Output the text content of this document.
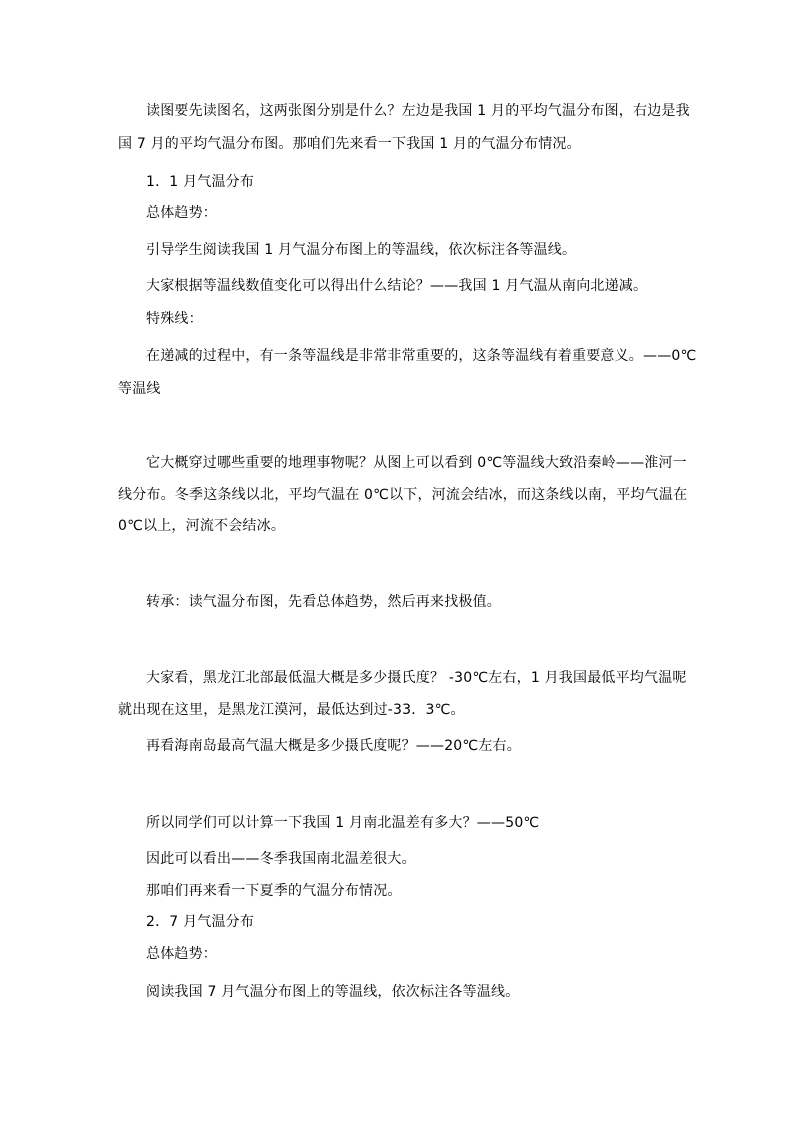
读图要先读图名，这两张图分别是什么？左边是我国 1 月的平均气温分布图，右边是我
国 7 月的平均气温分布图。那咱们先来看一下我国 1 月的气温分布情况。
1．1 月气温分布
总体趋势：
引导学生阅读我国 1 月气温分布图上的等温线，依次标注各等温线。
大家根据等温线数值变化可以得出什么结论？——我国 1 月气温从南向北递减。
特殊线：
在递减的过程中，有一条等温线是非常非常重要的，这条等温线有着重要意义。——0℃
等温线
它大概穿过哪些重要的地理事物呢？从图上可以看到 0℃等温线大致沿秦岭——淮河一
线分布。冬季这条线以北，平均气温在 0℃以下，河流会结冰，而这条线以南，平均气温在
0℃以上，河流不会结冰。
转承：读气温分布图，先看总体趋势，然后再来找极值。
大家看，黑龙江北部最低温大概是多少摄氏度？ -30℃左右，1 月我国最低平均气温呢
就出现在这里，是黑龙江漠河，最低达到过-33．3℃。
再看海南岛最高气温大概是多少摄氏度呢？——20℃左右。
所以同学们可以计算一下我国 1 月南北温差有多大？——50℃
因此可以看出——冬季我国南北温差很大。
那咱们再来看一下夏季的气温分布情况。
2．7 月气温分布
总体趋势：
阅读我国 7 月气温分布图上的等温线，依次标注各等温线。
